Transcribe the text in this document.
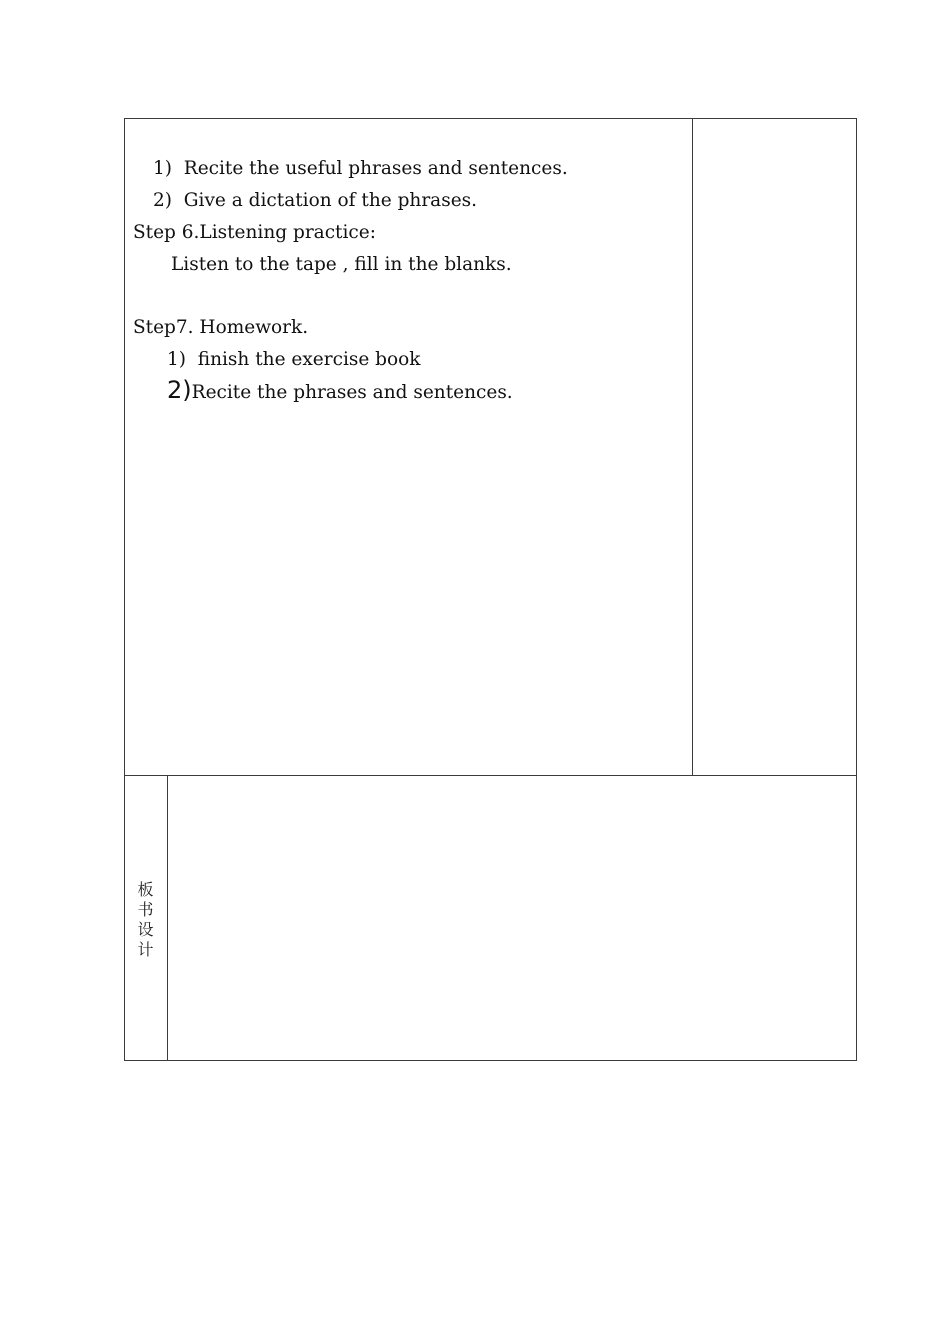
1) Recite the useful phrases and sentences.
2) Give a dictation of the phrases.
Step 6.Listening practice:
Listen to the tape , fill in the blanks.
Step7. Homework.
1) finish the exercise book
2)Recite the phrases and sentences.
板
书
设
计
